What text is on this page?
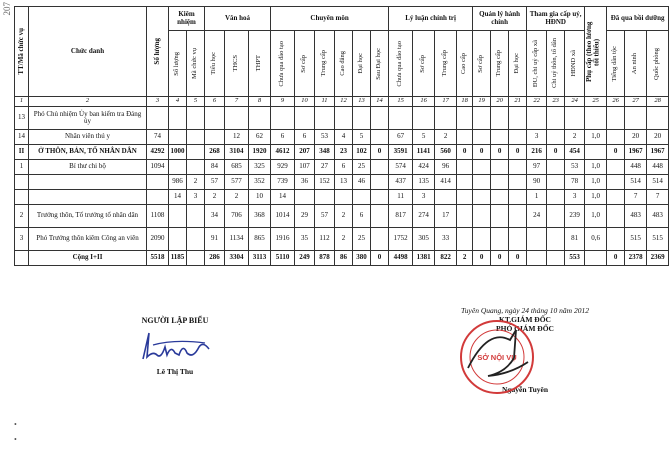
207
TT/Mã chức vụ	Chức danh	Số lượng	Kiêm nhiệm		Văn hoá			Chuyên môn						Lý luận chính trị				Quản lý hành chính			Tham gia cấp uỷ, HĐND			Phụ cấp (theo lương tối thiểu)	Đã qua bồi dưỡng		

			Số lượng	Mã chức vụ	Tiểu học	THCS	THPT	Chưa qua đào tạo	Sơ cấp	Trung cấp	Cao đẳng	Đại học	Sau Đại học	Chưa qua đào tạo	Sơ cấp	Trung cấp	Cao cấp	Sơ cấp	Trung cấp	Đại học	ĐU, chi uỷ cấp xã	Chi uỷ thôn, tổ dân	HĐND xã		Tiếng dân tộc	An ninh	Quốc phòng

1	2	3	4	5	6	7	8	9	10	11	12	13	14	15	16	17	18	19	20	21	22	23	24	25	26	27	28
13	Phó Chủ nhiệm Ủy ban kiểm tra Đảng ủy																										
14	Nhân viên thú y	74				12	62	6	6	53	4	5		67	5	2					3		2	1,0		20	20
II	Ở THÔN, BẢN, TỔ NHÂN DÂN	4292	1000		268	3104	1920	4612	207	348	23	102	0	3591	1141	560	0	0	0	0	216	0	454		0	1967	1967
1	Bí thư chi bộ	1094			84	685	325	929	107	27	6	25		574	424	96					97		53	1,0		448	448
			986	2	57	577	352	739	36	152	13	46		437	135	414					90		78	1,0		514	514
			14	3	2	2	10	14						11	3						1		3	1,0		7	7
2	Trưởng thôn, Tổ trưởng tổ nhân dân	1108			34	706	368	1014	29	57	2	6		817	274	17					24		239	1,0		483	483
3	Phó Trưởng thôn kiêm Công an viên	2090			91	1134	865	1916	35	112	2	25		1752	305	33							81	0,6		515	515
	Cộng I+II	5518	1185		286	3304	3113	5110	249	878	86	380	0	4498	1381	822	2	0	0	0			553		0	2378	2369
NGƯỜI LẬP BIỂU
Lê Thị Thu
Tuyên Quang, ngày 24 tháng 10 năm 2012
KT.GIÁM ĐỐC
PHÓ GIÁM ĐỐC
Nguyễn Tuyên
SỞ NỘI VỤ
•
•
